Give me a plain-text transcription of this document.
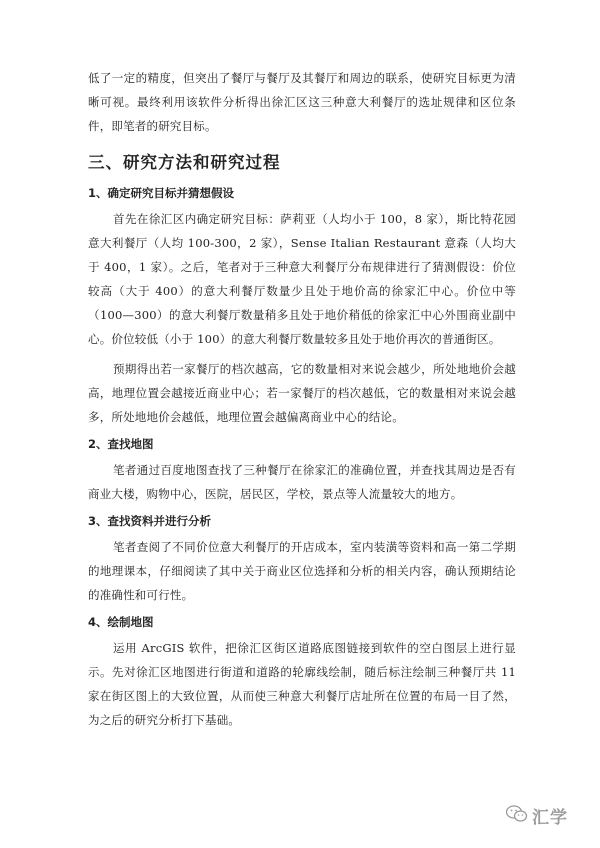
低了一定的精度，但突出了餐厅与餐厅及其餐厅和周边的联系，使研究目标更为清晰可视。最终利用该软件分析得出徐汇区这三种意大利餐厅的选址规律和区位条件，即笔者的研究目标。

三、研究方法和研究过程
1、确定研究目标并猜想假设

首先在徐汇区内确定研究目标：萨莉亚（人均小于 100，8 家），斯比特花园意大利餐厅（人均 100-300，2 家），Sense Italian Restaurant 意森（人均大于 400，1 家）。之后，笔者对于三种意大利餐厅分布规律进行了猜测假设：价位较高（大于 400）的意大利餐厅数量少且处于地价高的徐家汇中心。价位中等（100—300）的意大利餐厅数量稍多且处于地价稍低的徐家汇中心外围商业副中心。价位较低（小于 100）的意大利餐厅数量较多且处于地价再次的普通街区。

预期得出若一家餐厅的档次越高，它的数量相对来说会越少，所处地地价会越高，地理位置会越接近商业中心；若一家餐厅的档次越低，它的数量相对来说会越多，所处地地价会越低，地理位置会越偏离商业中心的结论。

2、查找地图

笔者通过百度地图查找了三种餐厅在徐家汇的准确位置，并查找其周边是否有商业大楼，购物中心，医院，居民区，学校，景点等人流量较大的地方。

3、查找资料并进行分析

笔者查阅了不同价位意大利餐厅的开店成本，室内装潢等资料和高一第二学期的地理课本，仔细阅读了其中关于商业区位选择和分析的相关内容，确认预期结论的准确性和可行性。

4、绘制地图

运用 ArcGIS 软件，把徐汇区街区道路底图链接到软件的空白图层上进行显示。先对徐汇区地图进行街道和道路的轮廓线绘制，随后标注绘制三种餐厅共 11 家在街区图上的大致位置，从而使三种意大利餐厅店址所在位置的布局一目了然，为之后的研究分析打下基础。

汇学
